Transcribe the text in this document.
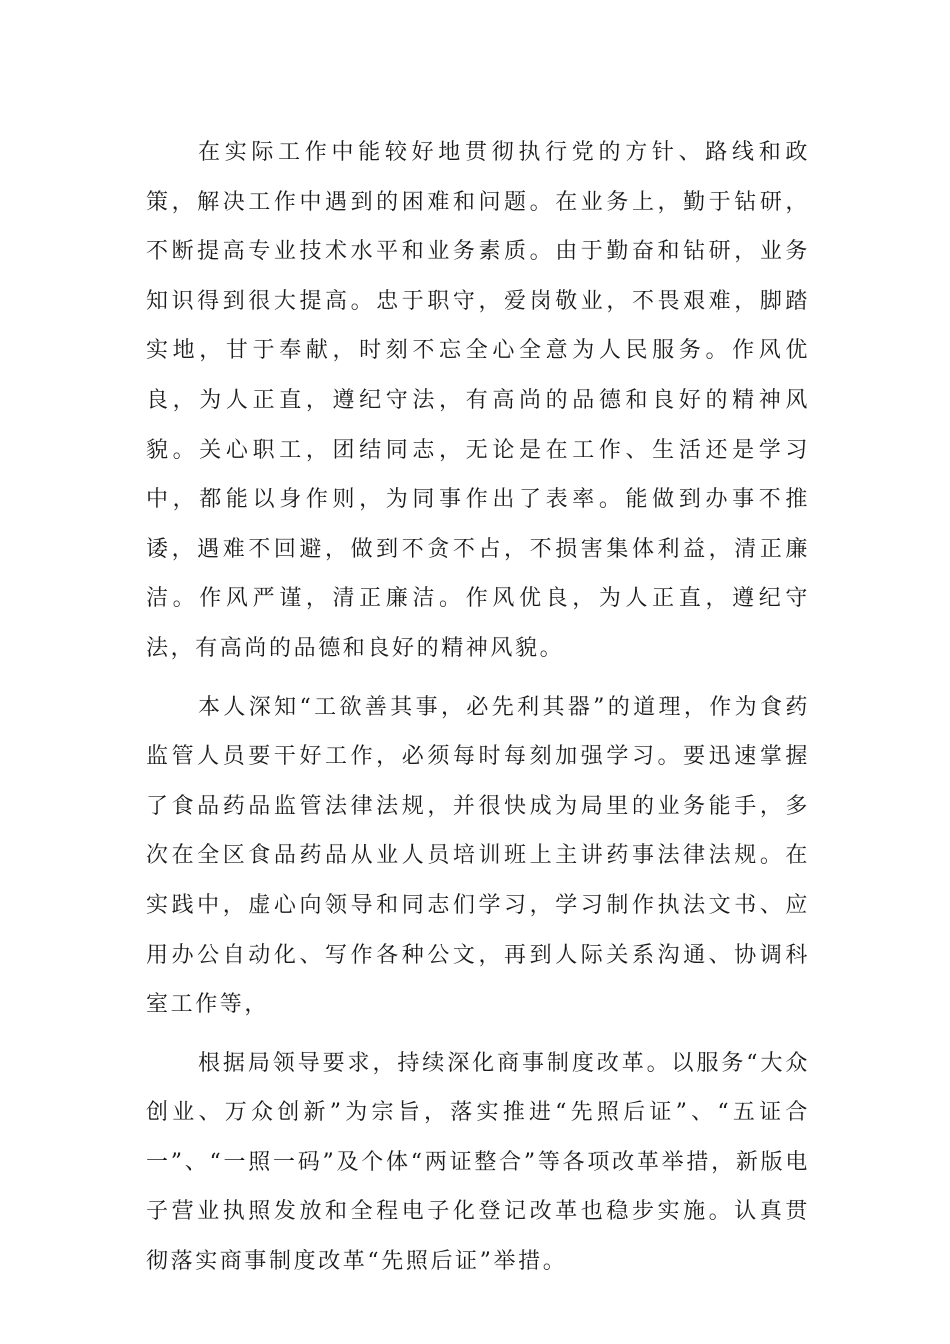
在实际工作中能较好地贯彻执行党的方针、路线和政策，解决工作中遇到的困难和问题。在业务上，勤于钻研，不断提高专业技术水平和业务素质。由于勤奋和钻研，业务知识得到很大提高。忠于职守，爱岗敬业，不畏艰难，脚踏实地，甘于奉献，时刻不忘全心全意为人民服务。作风优良，为人正直，遵纪守法，有高尚的品德和良好的精神风貌。关心职工，团结同志，无论是在工作、生活还是学习中，都能以身作则，为同事作出了表率。能做到办事不推诿，遇难不回避，做到不贪不占，不损害集体利益，清正廉洁。作风严谨，清正廉洁。作风优良，为人正直，遵纪守法，有高尚的品德和良好的精神风貌。

本人深知“工欲善其事，必先利其器”的道理，作为食药监管人员要干好工作，必须每时每刻加强学习。要迅速掌握了食品药品监管法律法规，并很快成为局里的业务能手，多次在全区食品药品从业人员培训班上主讲药事法律法规。在实践中，虚心向领导和同志们学习，学习制作执法文书、应用办公自动化、写作各种公文，再到人际关系沟通、协调科室工作等，

根据局领导要求，持续深化商事制度改革。以服务“大众创业、万众创新”为宗旨，落实推进“先照后证”、“五证合一”、“一照一码”及个体“两证整合”等各项改革举措，新版电子营业执照发放和全程电子化登记改革也稳步实施。认真贯彻落实商事制度改革“先照后证”举措。
